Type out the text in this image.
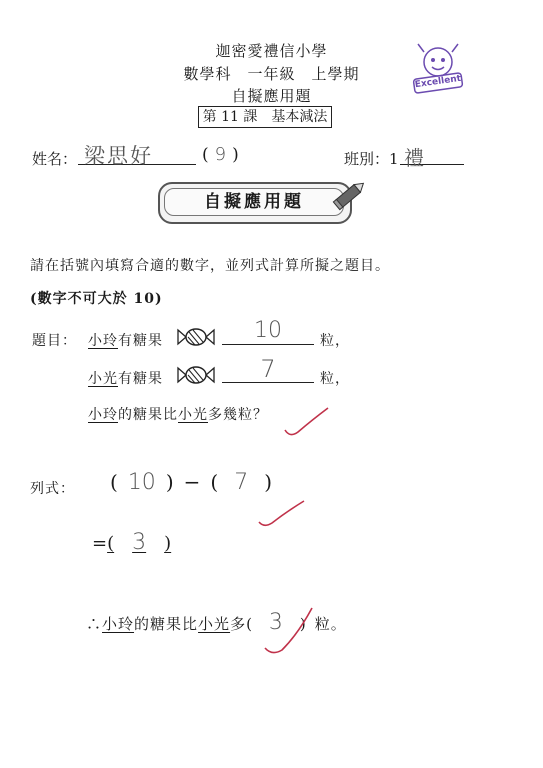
迦密愛禮信小學
數學科　一年級　上學期
自擬應用題
第 11 課　基本減法
Excellent
姓名： 梁思好	( 9 )	班別：1 禮
自擬應用題
請在括號內填寫合適的數字，並列式計算所擬之題目。
(數字不可大於 10)
題目： 小玲有糖果	10	粒，
小光有糖果	7	粒，
小玲的糖果比小光多幾粒？
列式： ( 10 ) − ( 7 )
=( 3 )
∴小玲的糖果比小光多( 3 ) 粒。
